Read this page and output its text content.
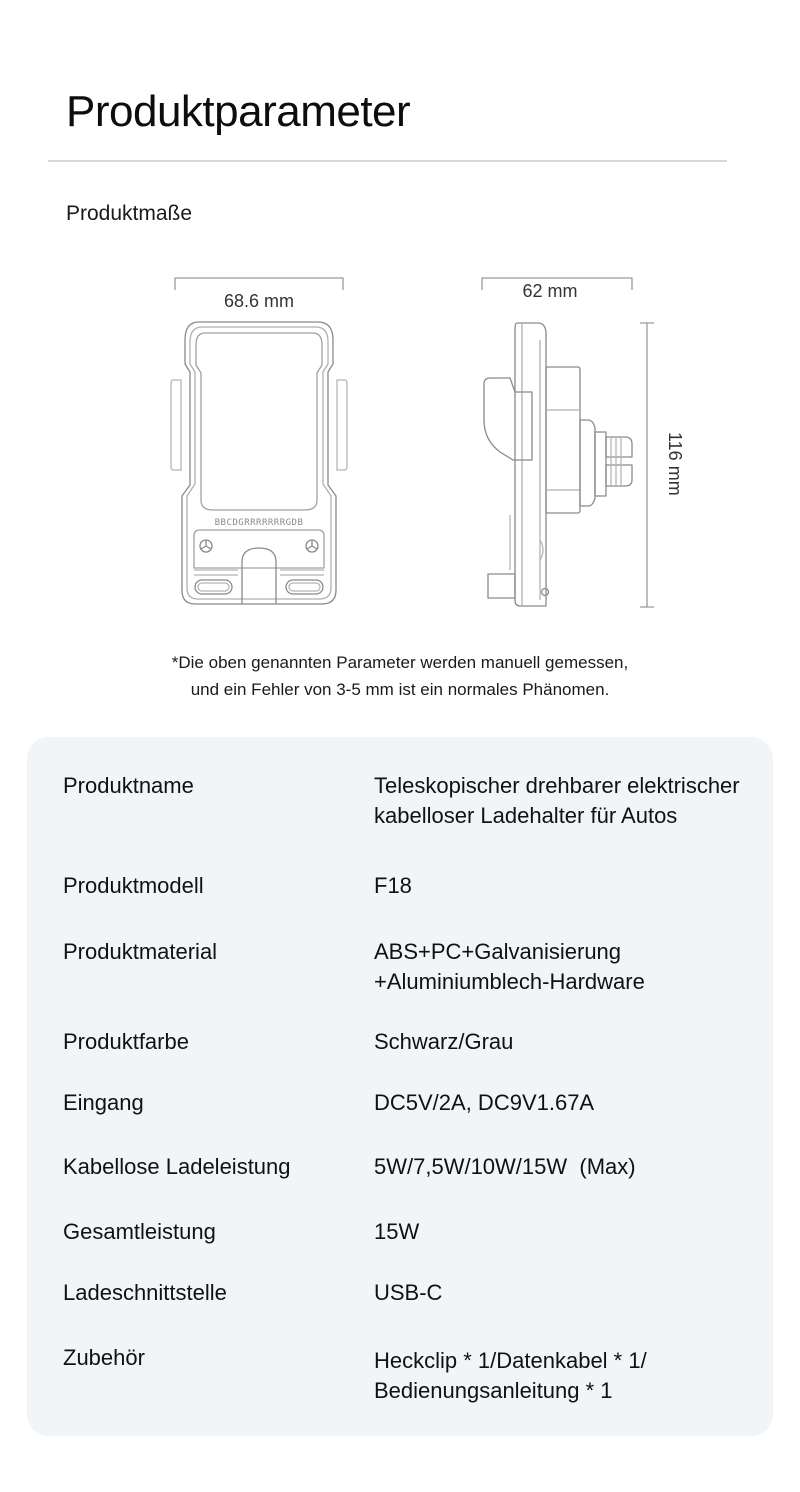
Produktparameter
Produktmaße
BBCDGRRRRRRRGDB
68.6 mm	62 mm
116 mm
*Die oben genannten Parameter werden manuell gemessen,
und ein Fehler von 3-5 mm ist ein normales Phänomen.
Produktname	Teleskopischer drehbarer elektrischer
kabelloser Ladehalter für Autos
Produktmodell	F18
Produktmaterial	ABS+PC+Galvanisierung
+Aluminiumblech-Hardware
Produktfarbe	Schwarz/Grau
Eingang	DC5V/2A, DC9V1.67A
Kabellose Ladeleistung	5W/7,5W/10W/15W  (Max)
Gesamtleistung	15W
Ladeschnittstelle	USB-C
Zubehör	Heckclip * 1/Datenkabel * 1/
Bedienungsanleitung * 1
